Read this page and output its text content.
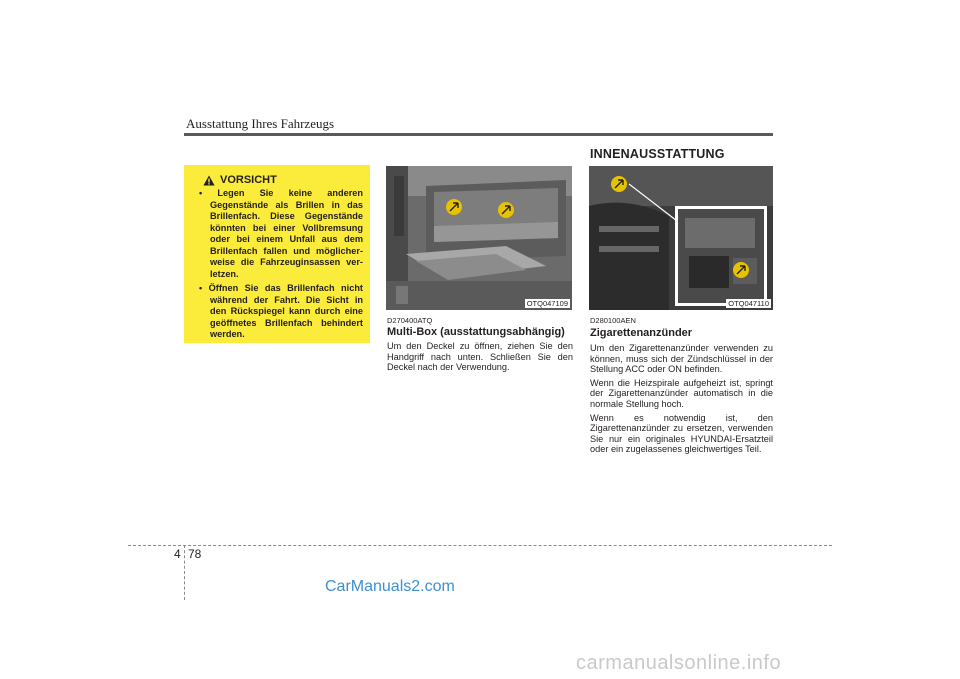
Ausstattung Ihres Fahrzeugs
INNENAUSSTATTUNG
VORSICHT
• Legen Sie keine anderen Gegenstände als Brillen in das Brillenfach. Diese Gegenstände könnten bei einer Vollbremsung oder bei einem Unfall aus dem Brillenfach fallen und möglicher-weise die Fahrzeuginsassen ver-letzen.
• Öffnen Sie das Brillenfach nicht während der Fahrt. Die Sicht in den Rückspiegel kann durch eine geöffnetes Brillenfach behindert werden.
OTQ047109
D270400ATQ
Multi-Box (ausstattungsabhängig)
Um den Deckel zu öffnen, ziehen Sie den Handgriff nach unten. Schließen Sie den Deckel nach der Verwendung.
OTQ047110
D280100AEN
Zigarettenanzünder

Um den Zigarettenanzünder verwenden zu können, muss sich der Zündschlüssel in der Stellung ACC oder ON befinden.

Wenn die Heizspirale aufgeheizt ist, springt der Zigarettenanzünder automatisch in die normale Stellung hoch.

Wenn es notwendig ist, den Zigarettenanzünder zu ersetzen, verwenden Sie nur ein originales HYUNDAI-Ersatzteil oder ein zugelassenes gleichwertiges Teil.

4 78
CarManuals2.com
carmanualsonline.info
